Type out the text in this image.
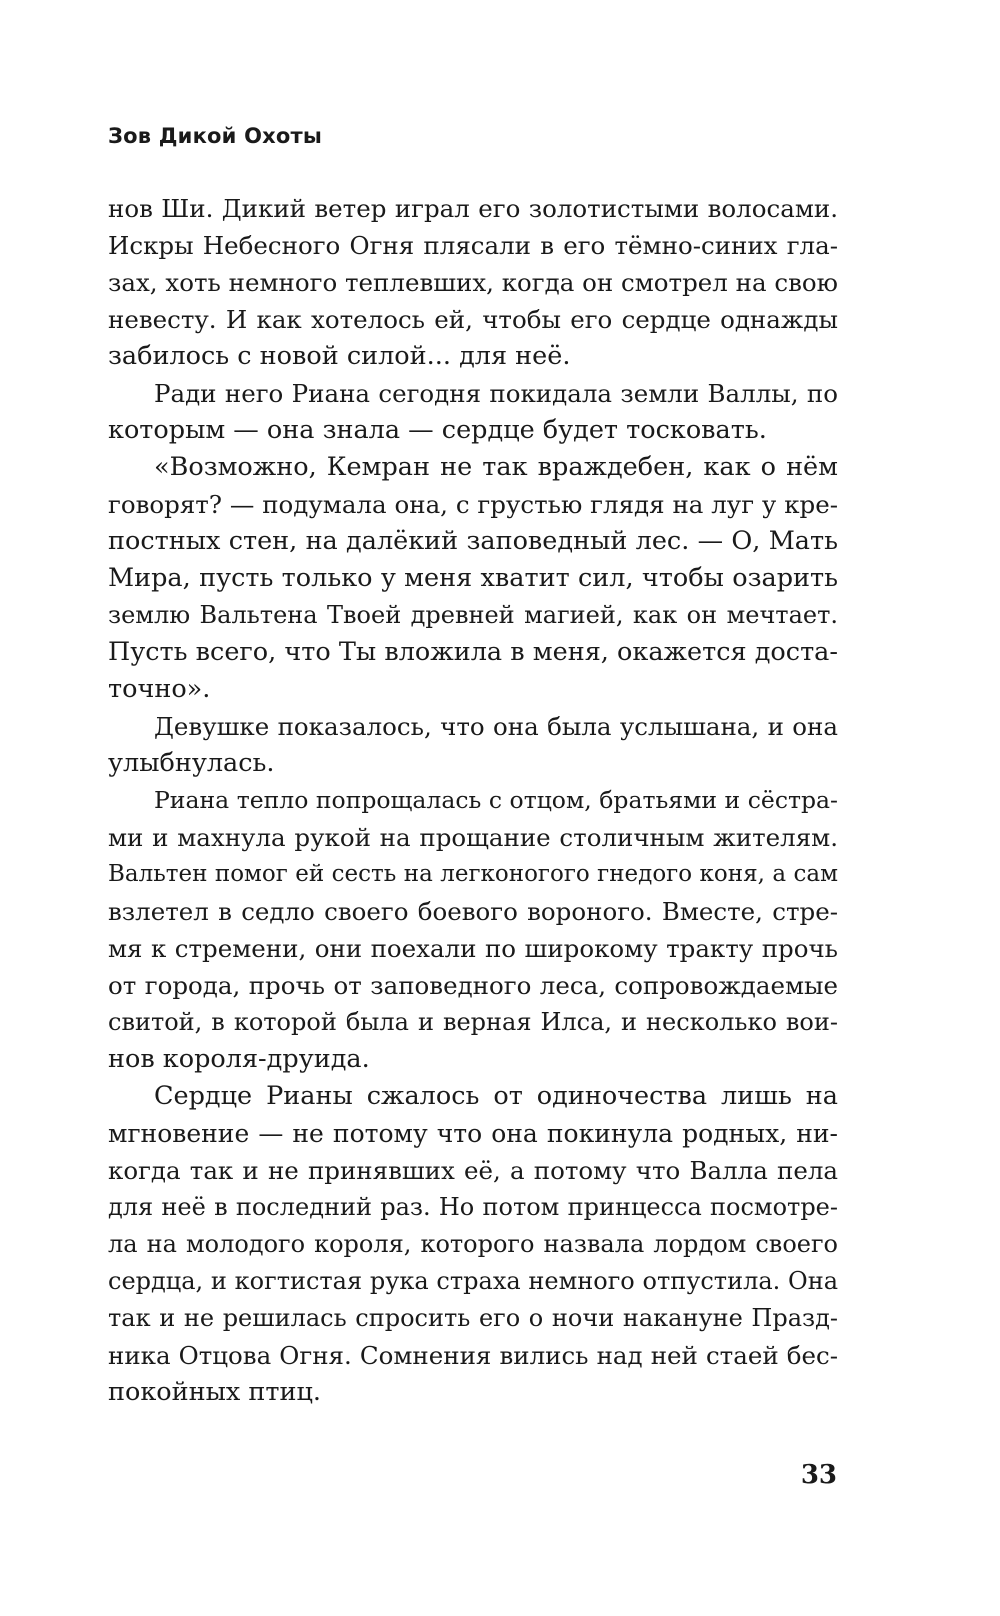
Зов Дикой Охоты
нов Ши. Дикий ветер играл его золотистыми волосами.
Искры Небесного Огня плясали в его тёмно-синих гла-
зах, хоть немного теплевших, когда он смотрел на свою
невесту. И как хотелось ей, чтобы его сердце однажды
забилось с новой силой... для неё.
Ради него Риана сегодня покидала земли Валлы, по
которым — она знала — сердце будет тосковать.
«Возможно, Кемран не так враждебен, как о нём
говорят? — подумала она, с грустью глядя на луг у кре-
постных стен, на далёкий заповедный лес. — О, Мать
Мира, пусть только у меня хватит сил, чтобы озарить
землю Вальтена Твоей древней магией, как он мечтает.
Пусть всего, что Ты вложила в меня, окажется доста-
точно».
Девушке показалось, что она была услышана, и она
улыбнулась.
Риана тепло попрощалась с отцом, братьями и сёстра-
ми и махнула рукой на прощание столичным жителям.
Вальтен помог ей сесть на легконогого гнедого коня, а сам
взлетел в седло своего боевого вороного. Вместе, стре-
мя к стремени, они поехали по широкому тракту прочь
от города, прочь от заповедного леса, сопровождаемые
свитой, в которой была и верная Илса, и несколько вои-
нов короля-друида.
Сердце Рианы сжалось от одиночества лишь на
мгновение — не потому что она покинула родных, ни-
когда так и не принявших её, а потому что Валла пела
для неё в последний раз. Но потом принцесса посмотре-
ла на молодого короля, которого назвала лордом своего
сердца, и когтистая рука страха немного отпустила. Она
так и не решилась спросить его о ночи накануне Празд-
ника Отцова Огня. Сомнения вились над ней стаей бес-
покойных птиц.
33
